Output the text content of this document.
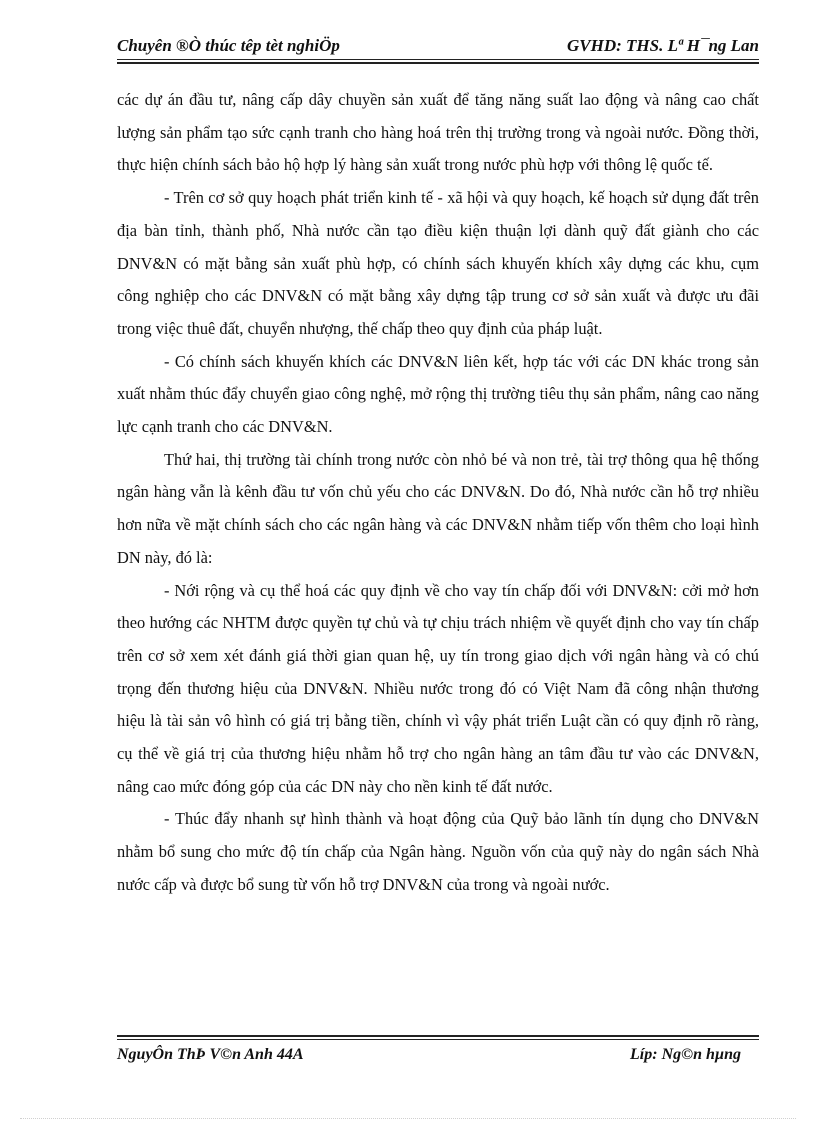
Chuyên ®Ò thúc têp tèt nghiÖp	GVHD: THS. Lª H¯ng Lan

các dự án đầu tư, nâng cấp dây chuyền sản xuất để tăng năng suất lao động và nâng cao chất lượng sản phẩm tạo sức cạnh tranh cho hàng hoá trên thị trường trong và ngoài nước. Đồng thời, thực hiện chính sách bảo hộ hợp lý hàng sản xuất trong nước phù hợp với thông lệ quốc tế.

- Trên cơ sở quy hoạch phát triển kinh tế - xã hội và quy hoạch, kế hoạch sử dụng đất trên địa bàn tỉnh, thành phố, Nhà nước cần tạo điều kiện thuận lợi dành quỹ đất giành cho các DNV&N có mặt bằng sản xuất phù hợp, có chính sách khuyến khích xây dựng các khu, cụm công nghiệp cho các DNV&N có mặt bằng xây dựng tập trung cơ sở sản xuất và được ưu đãi trong việc thuê đất, chuyển nhượng, thế chấp theo quy định của pháp luật.

- Có chính sách khuyến khích các DNV&N liên kết, hợp tác với các DN khác trong sản xuất nhằm thúc đẩy chuyển giao công nghệ, mở rộng thị trường tiêu thụ sản phẩm, nâng cao năng lực cạnh tranh cho các DNV&N.

Thứ hai, thị trường tài chính trong nước còn nhỏ bé và non trẻ, tài trợ thông qua hệ thống ngân hàng vẫn là kênh đầu tư vốn chủ yếu cho các DNV&N. Do đó, Nhà nước cần hỗ trợ nhiều hơn nữa về mặt chính sách cho các ngân hàng và các DNV&N nhằm tiếp vốn thêm cho loại hình DN này, đó là:

- Nới rộng và cụ thể hoá các quy định về cho vay tín chấp đối với DNV&N: cởi mở hơn theo hướng các NHTM được quyền tự chủ và tự chịu trách nhiệm về quyết định cho vay tín chấp trên cơ sở xem xét đánh giá thời gian quan hệ, uy tín trong giao dịch với ngân hàng và có chú trọng đến thương hiệu của DNV&N. Nhiều nước trong đó có Việt Nam đã công nhận thương hiệu là tài sản vô hình có giá trị bằng tiền, chính vì vậy phát triển Luật cần có quy định rõ ràng, cụ thể về giá trị của thương hiệu nhằm hỗ trợ cho ngân hàng an tâm đầu tư vào các DNV&N, nâng cao mức đóng góp của các DN này cho nền kinh tế đất nước.

- Thúc đẩy nhanh sự hình thành và hoạt động của Quỹ bảo lãnh tín dụng cho DNV&N nhằm bổ sung cho mức độ tín chấp của Ngân hàng. Nguồn vốn của quỹ này do ngân sách Nhà nước cấp và được bổ sung từ vốn hỗ trợ DNV&N của trong và ngoài nước.

NguyÔn ThÞ V©n Anh 44A	Líp: Ng©n hµng
